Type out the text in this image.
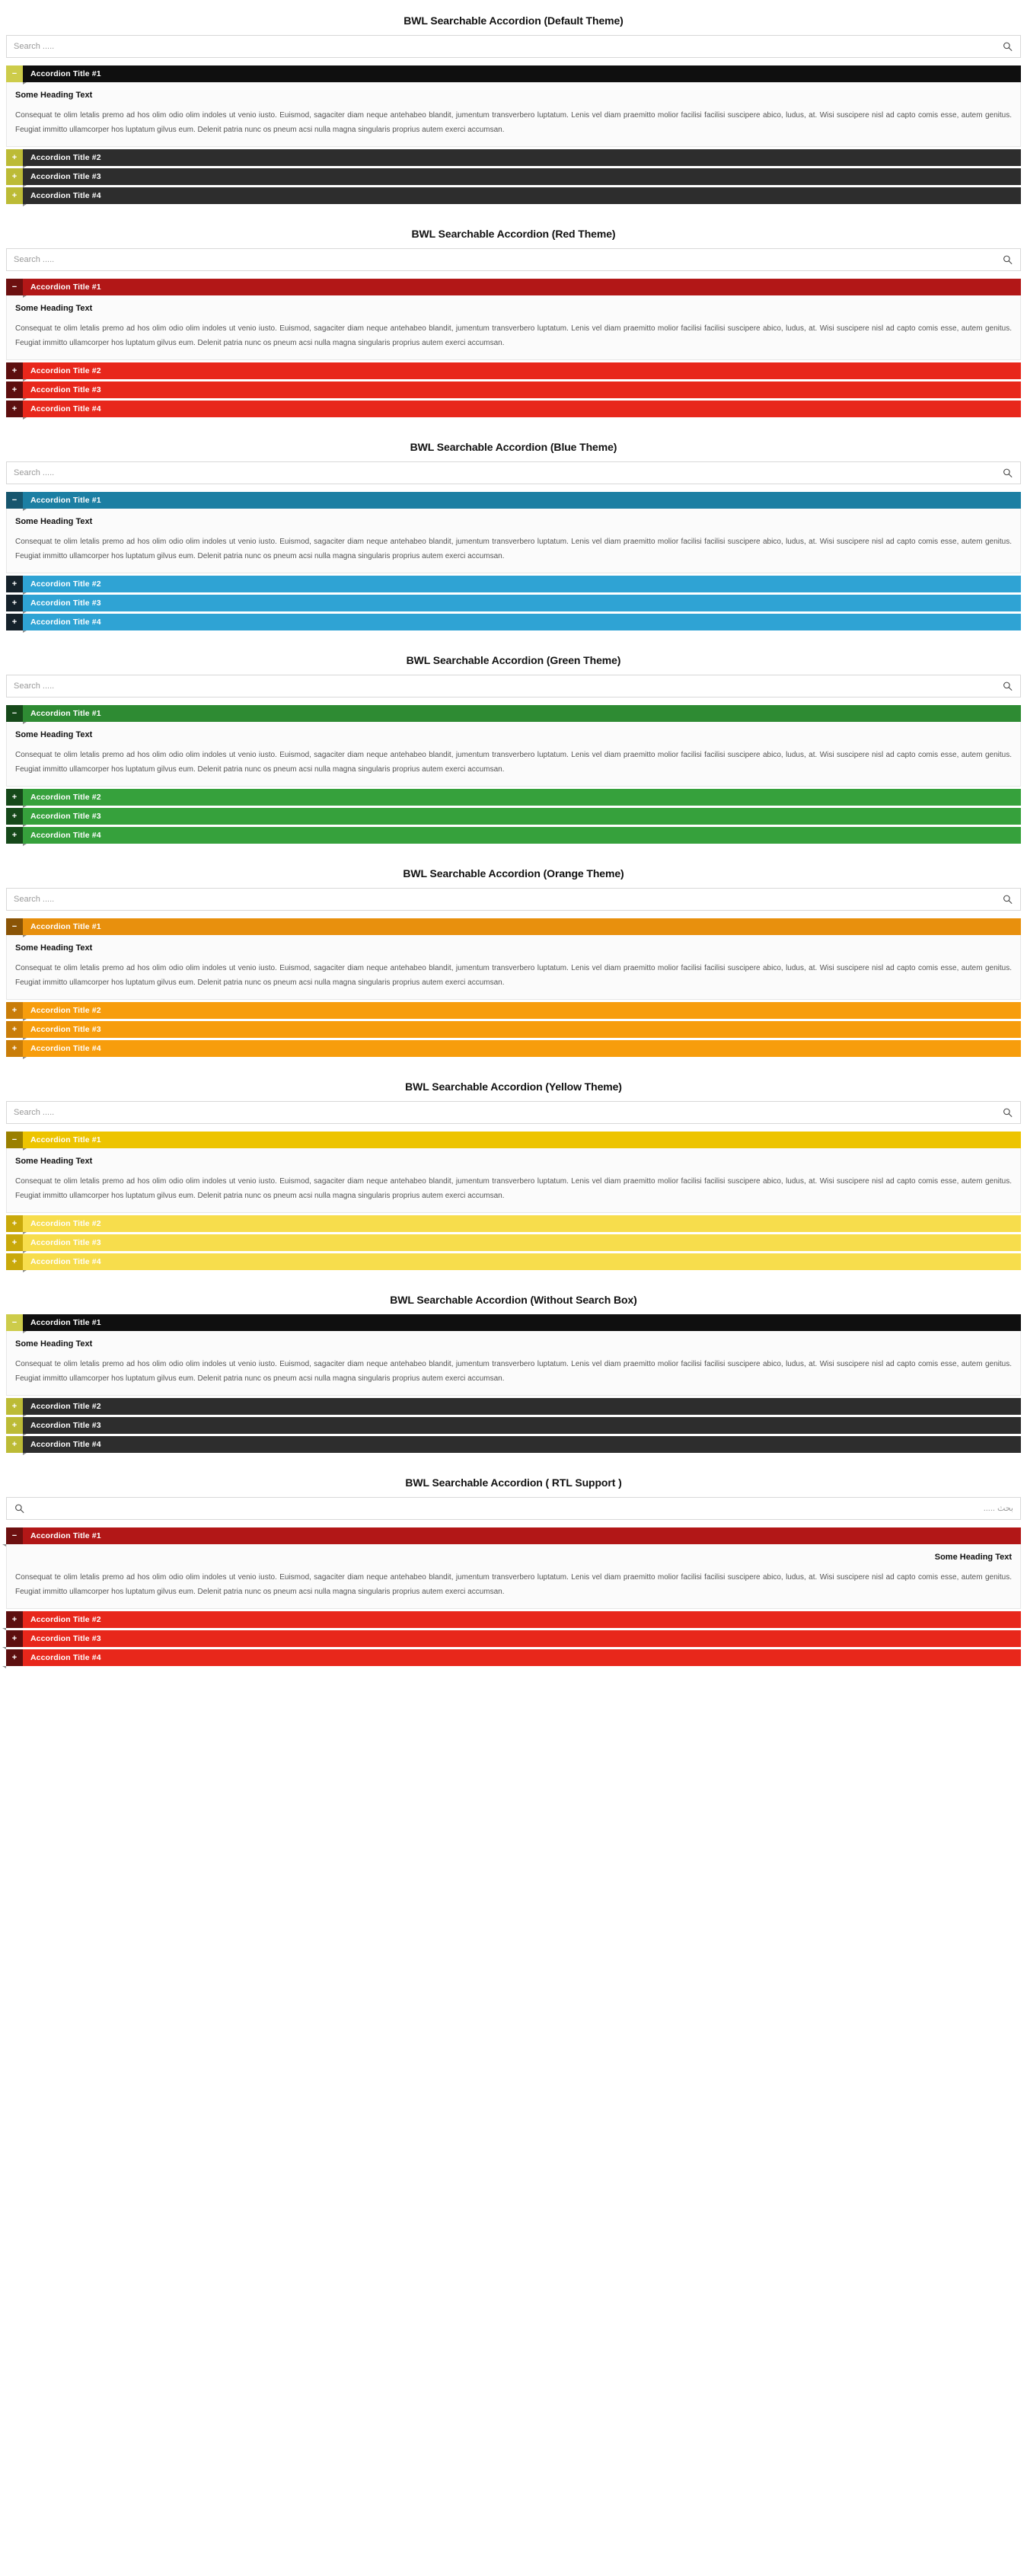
BWL Searchable Accordion (Default Theme)
Search .....
−	Accordion Title #1
Some Heading Text

Consequat te olim letalis premo ad hos olim odio olim indoles ut venio iusto. Euismod, sagaciter diam neque antehabeo blandit, jumentum transverbero luptatum. Lenis vel diam praemitto molior facilisi facilisi suscipere abico, ludus, at. Wisi suscipere nisl ad capto comis esse, autem genitus. Feugiat immitto ullamcorper hos luptatum gilvus eum. Delenit patria nunc os pneum acsi nulla magna singularis proprius autem exerci accumsan.

+	Accordion Title #2
+	Accordion Title #3
+	Accordion Title #4
BWL Searchable Accordion (Red Theme)
Search .....
−	Accordion Title #1
Some Heading Text

Consequat te olim letalis premo ad hos olim odio olim indoles ut venio iusto. Euismod, sagaciter diam neque antehabeo blandit, jumentum transverbero luptatum. Lenis vel diam praemitto molior facilisi facilisi suscipere abico, ludus, at. Wisi suscipere nisl ad capto comis esse, autem genitus. Feugiat immitto ullamcorper hos luptatum gilvus eum. Delenit patria nunc os pneum acsi nulla magna singularis proprius autem exerci accumsan.

+	Accordion Title #2
+	Accordion Title #3
+	Accordion Title #4
BWL Searchable Accordion (Blue Theme)
Search .....
−	Accordion Title #1
Some Heading Text

Consequat te olim letalis premo ad hos olim odio olim indoles ut venio iusto. Euismod, sagaciter diam neque antehabeo blandit, jumentum transverbero luptatum. Lenis vel diam praemitto molior facilisi facilisi suscipere abico, ludus, at. Wisi suscipere nisl ad capto comis esse, autem genitus. Feugiat immitto ullamcorper hos luptatum gilvus eum. Delenit patria nunc os pneum acsi nulla magna singularis proprius autem exerci accumsan.

+	Accordion Title #2
+	Accordion Title #3
+	Accordion Title #4
BWL Searchable Accordion (Green Theme)
Search .....
−	Accordion Title #1
Some Heading Text

Consequat te olim letalis premo ad hos olim odio olim indoles ut venio iusto. Euismod, sagaciter diam neque antehabeo blandit, jumentum transverbero luptatum. Lenis vel diam praemitto molior facilisi facilisi suscipere abico, ludus, at. Wisi suscipere nisl ad capto comis esse, autem genitus. Feugiat immitto ullamcorper hos luptatum gilvus eum. Delenit patria nunc os pneum acsi nulla magna singularis proprius autem exerci accumsan.

+	Accordion Title #2
+	Accordion Title #3
+	Accordion Title #4
BWL Searchable Accordion (Orange Theme)
Search .....
−	Accordion Title #1
Some Heading Text

Consequat te olim letalis premo ad hos olim odio olim indoles ut venio iusto. Euismod, sagaciter diam neque antehabeo blandit, jumentum transverbero luptatum. Lenis vel diam praemitto molior facilisi facilisi suscipere abico, ludus, at. Wisi suscipere nisl ad capto comis esse, autem genitus. Feugiat immitto ullamcorper hos luptatum gilvus eum. Delenit patria nunc os pneum acsi nulla magna singularis proprius autem exerci accumsan.

+	Accordion Title #2
+	Accordion Title #3
+	Accordion Title #4
BWL Searchable Accordion (Yellow Theme)
Search .....
−	Accordion Title #1
Some Heading Text

Consequat te olim letalis premo ad hos olim odio olim indoles ut venio iusto. Euismod, sagaciter diam neque antehabeo blandit, jumentum transverbero luptatum. Lenis vel diam praemitto molior facilisi facilisi suscipere abico, ludus, at. Wisi suscipere nisl ad capto comis esse, autem genitus. Feugiat immitto ullamcorper hos luptatum gilvus eum. Delenit patria nunc os pneum acsi nulla magna singularis proprius autem exerci accumsan.

+	Accordion Title #2
+	Accordion Title #3
+	Accordion Title #4
BWL Searchable Accordion (Without Search Box)
−	Accordion Title #1
Some Heading Text

Consequat te olim letalis premo ad hos olim odio olim indoles ut venio iusto. Euismod, sagaciter diam neque antehabeo blandit, jumentum transverbero luptatum. Lenis vel diam praemitto molior facilisi facilisi suscipere abico, ludus, at. Wisi suscipere nisl ad capto comis esse, autem genitus. Feugiat immitto ullamcorper hos luptatum gilvus eum. Delenit patria nunc os pneum acsi nulla magna singularis proprius autem exerci accumsan.

+	Accordion Title #2
+	Accordion Title #3
+	Accordion Title #4
BWL Searchable Accordion ( RTL Support )
بحث .....
−	Accordion Title #1
Some Heading Text

Consequat te olim letalis premo ad hos olim odio olim indoles ut venio iusto. Euismod, sagaciter diam neque antehabeo blandit, jumentum transverbero luptatum. Lenis vel diam praemitto molior facilisi facilisi suscipere abico, ludus, at. Wisi suscipere nisl ad capto comis esse, autem genitus. Feugiat immitto ullamcorper hos luptatum gilvus eum. Delenit patria nunc os pneum acsi nulla magna singularis proprius autem exerci accumsan.

+	Accordion Title #2
+	Accordion Title #3
+	Accordion Title #4
